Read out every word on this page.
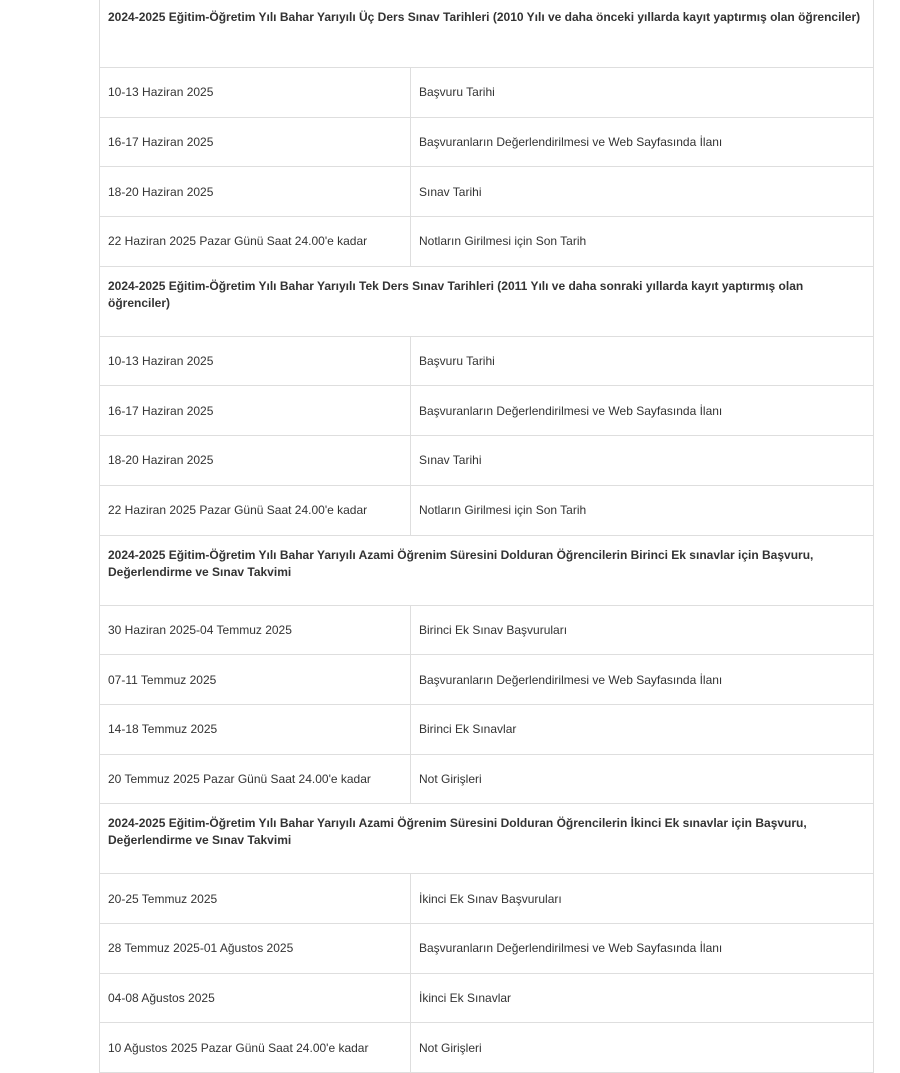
2024-2025 Eğitim-Öğretim Yılı Bahar Yarıyılı Üç Ders Sınav Tarihleri (2010 Yılı ve daha önceki yıllarda kayıt yaptırmış olan öğrenciler)
10-13 Haziran 2025	Başvuru Tarihi
16-17 Haziran 2025	Başvuranların Değerlendirilmesi ve Web Sayfasında İlanı
18-20 Haziran 2025	Sınav Tarihi
22 Haziran 2025 Pazar Günü Saat 24.00'e kadar	Notların Girilmesi için Son Tarih
2024-2025 Eğitim-Öğretim Yılı Bahar Yarıyılı Tek Ders Sınav Tarihleri (2011 Yılı ve daha sonraki yıllarda kayıt yaptırmış olan öğrenciler)
10-13 Haziran 2025	Başvuru Tarihi
16-17 Haziran 2025	Başvuranların Değerlendirilmesi ve Web Sayfasında İlanı
18-20 Haziran 2025	Sınav Tarihi
22 Haziran 2025 Pazar Günü Saat 24.00'e kadar	Notların Girilmesi için Son Tarih
2024-2025 Eğitim-Öğretim Yılı Bahar Yarıyılı Azami Öğrenim Süresini Dolduran Öğrencilerin Birinci Ek sınavlar için Başvuru, Değerlendirme ve Sınav Takvimi
30 Haziran 2025-04 Temmuz 2025	Birinci Ek Sınav Başvuruları
07-11 Temmuz 2025	Başvuranların Değerlendirilmesi ve Web Sayfasında İlanı
14-18 Temmuz 2025	Birinci Ek Sınavlar
20 Temmuz 2025 Pazar Günü Saat 24.00'e kadar	Not Girişleri
2024-2025 Eğitim-Öğretim Yılı Bahar Yarıyılı Azami Öğrenim Süresini Dolduran Öğrencilerin İkinci Ek sınavlar için Başvuru, Değerlendirme ve Sınav Takvimi
20-25 Temmuz 2025	İkinci Ek Sınav Başvuruları
28 Temmuz 2025-01 Ağustos 2025	Başvuranların Değerlendirilmesi ve Web Sayfasında İlanı
04-08 Ağustos 2025	İkinci Ek Sınavlar
10 Ağustos 2025 Pazar Günü Saat 24.00'e kadar	Not Girişleri
